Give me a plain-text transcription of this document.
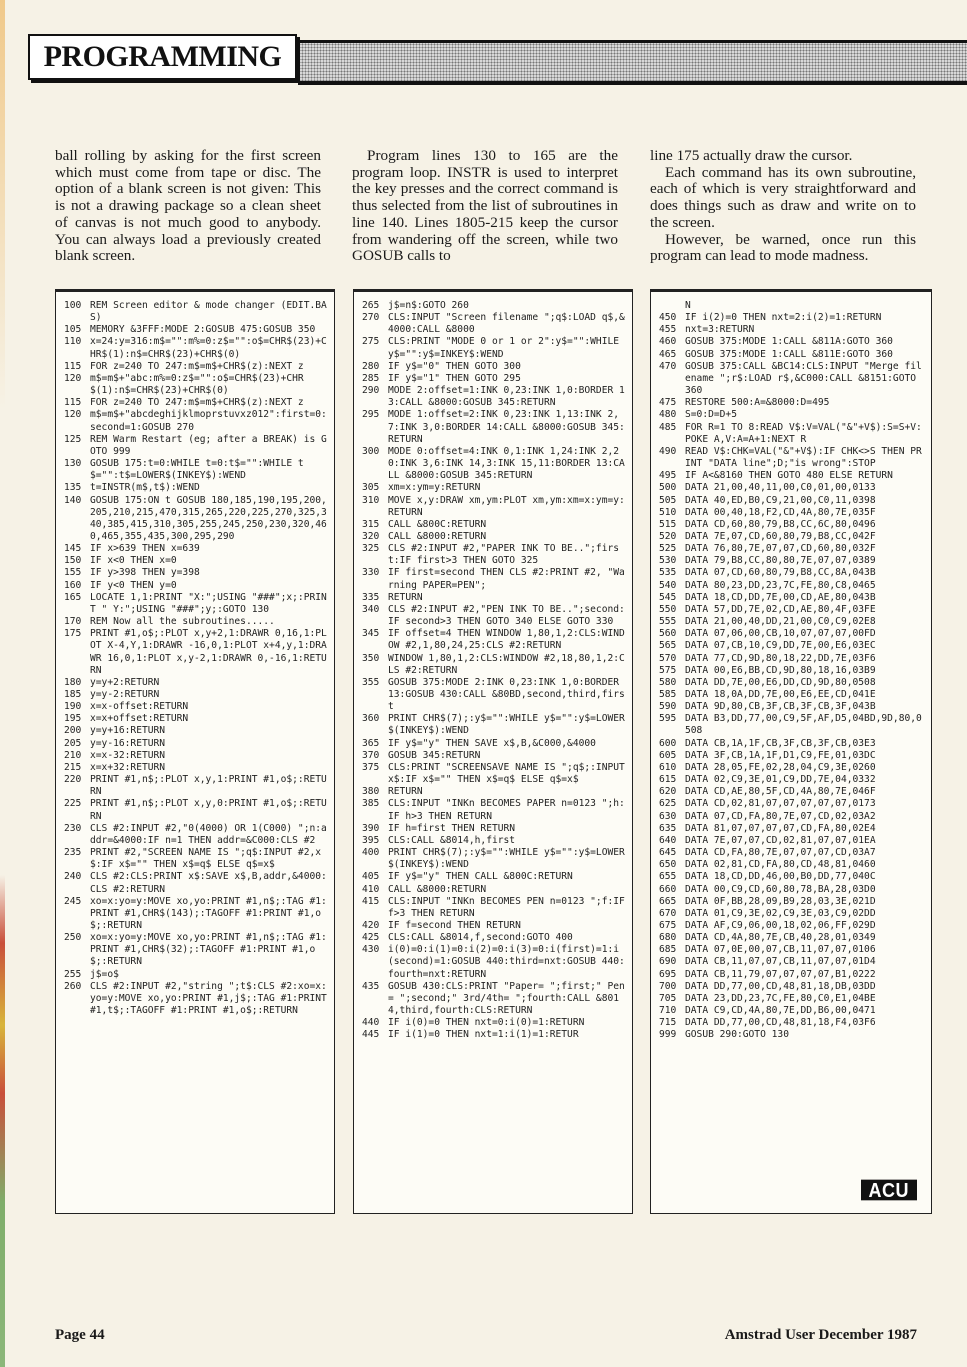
PROGRAMMING

ball rolling by asking for the first screen which must come from tape or disc. The option of a blank screen is not given: This is not a drawing package so a clean sheet of canvas is not much good to anybody. You can always load a previously created blank screen.

Program lines 130 to 165 are the program loop. INSTR is used to interpret the key presses and the correct command is thus selected from the list of subroutines in line 140. Lines 1805-215 keep the cursor from wandering off the screen, while two GOSUB calls to

line 175 actually draw the cursor.

Each command has its own subroutine, each of which is very straightforward and does things such as draw and write on to the screen.

However, be warned, once run this program can lead to mode madness.

100 REM Screen editor & mode changer (EDIT.BAS)
105 MEMORY &3FFF:MODE 2:GOSUB 475:GOSUB 350
110 x=24:y=316:m$="":m%=0:z$="":o$=CHR$(23)+CHR$(1):n$=CHR$(23)+CHR$(0)
115 FOR z=240 TO 247:m$=m$+CHR$(z):NEXT z
120 m$=m$+"abc:m%=0:z$="":o$=CHR$(23)+CHR$(1):n$=CHR$(23)+CHR$(0)
115 FOR z=240 TO 247:m$=m$+CHR$(z):NEXT z
120 m$=m$+"abcdeghijklmoprstuvxz012":first=0:second=1:GOSUB 270
125 REM Warm Restart (eg; after a BREAK) is GOTO 999
130 GOSUB 175:t=0:WHILE t=0:t$="":WHILE t$="":t$=LOWER$(INKEY$):WEND
135 t=INSTR(m$,t$):WEND
140 GOSUB 175:ON t GOSUB 180,185,190,195,200,205,210,215,470,315,265,220,225,270,325,340,385,415,310,305,255,245,250,230,320,460,465,355,435,300,295,290
145 IF x>639 THEN x=639
150 IF x<0 THEN x=0
155 IF y>398 THEN y=398
160 IF y<0 THEN y=0
165 LOCATE 1,1:PRINT "X:";USING "###";x;:PRINT " Y:";USING "###";y;:GOTO 130
170 REM Now all the subroutines.....
175 PRINT #1,o$;:PLOT x,y+2,1:DRAWR 0,16,1:PLOT X-4,Y,1:DRAWR -16,0,1:PLOT x+4,y,1:DRAWR 16,0,1:PLOT x,y-2,1:DRAWR 0,-16,1:RETURN
180 y=y+2:RETURN
185 y=y-2:RETURN
190 x=x-offset:RETURN
195 x=x+offset:RETURN
200 y=y+16:RETURN
205 y=y-16:RETURN
210 x=x-32:RETURN
215 x=x+32:RETURN
220 PRINT #1,n$;:PLOT x,y,1:PRINT #1,o$;:RETURN
225 PRINT #1,n$;:PLOT x,y,0:PRINT #1,o$;:RETURN
230 CLS #2:INPUT #2,"0(4000) OR 1(C000) ";n:addr=&4000:IF n=1 THEN addr=&C000:CLS #2
235 PRINT #2,"SCREEN NAME IS ";q$:INPUT #2,x$:IF x$="" THEN x$=q$ ELSE q$=x$
240 CLS #2:CLS:PRINT x$:SAVE x$,B,addr,&4000:CLS #2:RETURN
245 xo=x:yo=y:MOVE xo,yo:PRINT #1,n$;:TAG #1:PRINT #1,CHR$(143);:TAGOFF #1:PRINT #1,o$;:RETURN
250 xo=x:yo=y:MOVE xo,yo:PRINT #1,n$;:TAG #1:PRINT #1,CHR$(32);:TAGOFF #1:PRINT #1,o$;:RETURN
255 j$=o$
260 CLS #2:INPUT #2,"string ";t$:CLS #2:xo=x:yo=y:MOVE xo,yo:PRINT #1,j$;:TAG #1:PRINT #1,t$;:TAGOFF #1:PRINT #1,o$;:RETURN
265 j$=n$:GOTO 260
270 CLS:INPUT "Screen filename ";q$:LOAD q$,&4000:CALL &8000
275 CLS:PRINT "MODE 0 or 1 or 2":y$="":WHILE y$="":y$=INKEY$:WEND
280 IF y$="0" THEN GOTO 300
285 IF y$="1" THEN GOTO 295
290 MODE 2:offset=1:INK 0,23:INK 1,0:BORDER 13:CALL &8000:GOSUB 345:RETURN
295 MODE 1:offset=2:INK 0,23:INK 1,13:INK 2,7:INK 3,0:BORDER 14:CALL &8000:GOSUB 345:RETURN
300 MODE 0:offset=4:INK 0,1:INK 1,24:INK 2,20:INK 3,6:INK 14,3:INK 15,11:BORDER 13:CALL &8000:GOSUB 345:RETURN
305 xm=x:ym=y:RETURN
310 MOVE x,y:DRAW xm,ym:PLOT xm,ym:xm=x:ym=y:RETURN
315 CALL &800C:RETURN
320 CALL &8000:RETURN
325 CLS #2:INPUT #2,"PAPER INK TO BE..";first:IF first>3 THEN GOTO 325
330 IF first=second THEN CLS #2:PRINT #2, "Warning PAPER=PEN";
335 RETURN
340 CLS #2:INPUT #2,"PEN INK TO BE..";second:IF second>3 THEN GOTO 340 ELSE GOTO 330
345 IF offset=4 THEN WINDOW 1,80,1,2:CLS:WINDOW #2,1,80,24,25:CLS #2:RETURN
350 WINDOW 1,80,1,2:CLS:WINDOW #2,18,80,1,2:CLS #2:RETURN
355 GOSUB 375:MODE 2:INK 0,23:INK 1,0:BORDER 13:GOSUB 430:CALL &80BD,second,third,first
360 PRINT CHR$(7);:y$="":WHILE y$="":y$=LOWER$(INKEY$):WEND
365 IF y$="y" THEN SAVE x$,B,&C000,&4000
370 GOSUB 345:RETURN
375 CLS:PRINT "SCREENSAVE NAME IS ";q$;:INPUT x$:IF x$="" THEN x$=q$ ELSE q$=x$
380 RETURN
385 CLS:INPUT "INKn BECOMES PAPER n=0123 ";h:IF h>3 THEN RETURN
390 IF h=first THEN RETURN
395 CLS:CALL &8014,h,first
400 PRINT CHR$(7);:y$="":WHILE y$="":y$=LOWER$(INKEY$):WEND
405 IF y$="y" THEN CALL &800C:RETURN
410 CALL &8000:RETURN
415 CLS:INPUT "INKn BECOMES PEN n=0123 ";f:IF f>3 THEN RETURN
420 IF f=second THEN RETURN
425 CLS:CALL &8014,f,second:GOTO 400
430 i(0)=0:i(1)=0:i(2)=0:i(3)=0:i(first)=1:i(second)=1:GOSUB 440:third=nxt:GOSUB 440:fourth=nxt:RETURN
435 GOSUB 430:CLS:PRINT "Paper= ";first;" Pen= ";second;" 3rd/4th= ";fourth:CALL &8014,third,fourth:CLS:RETURN
440 IF i(0)=0 THEN nxt=0:i(0)=1:RETURN
445 IF i(1)=0 THEN nxt=1:i(1)=1:RETUR
N
450 IF i(2)=0 THEN nxt=2:i(2)=1:RETURN
455 nxt=3:RETURN
460 GOSUB 375:MODE 1:CALL &811A:GOTO 360
465 GOSUB 375:MODE 1:CALL &811E:GOTO 360
470 GOSUB 375:CALL &BC14:CLS:INPUT "Merge filename ";r$:LOAD r$,&C000:CALL &8151:GOTO 360
475 RESTORE 500:A=&8000:D=495
480 S=0:D=D+5
485 FOR R=1 TO 8:READ V$:V=VAL("&"+V$):S=S+V:POKE A,V:A=A+1:NEXT R
490 READ V$:CHK=VAL("&"+V$):IF CHK<>S THEN PRINT "DATA line";D;"is wrong":STOP
495 IF A<&8160 THEN GOTO 480 ELSE RETURN
500 DATA 21,00,40,11,00,C0,01,00,0133
505 DATA 40,ED,B0,C9,21,00,C0,11,0398
510 DATA 00,40,18,F2,CD,4A,80,7E,035F
515 DATA CD,60,80,79,B8,CC,6C,80,0496
520 DATA 7E,07,CD,60,80,79,B8,CC,042F
525 DATA 76,80,7E,07,07,CD,60,80,032F
530 DATA 79,B8,CC,80,80,7E,07,07,0389
535 DATA 07,CD,60,80,79,B8,CC,8A,043B
540 DATA 80,23,DD,23,7C,FE,80,C8,0465
545 DATA 18,CD,DD,7E,00,CD,AE,80,043B
550 DATA 57,DD,7E,02,CD,AE,80,4F,03FE
555 DATA 21,00,40,DD,21,00,C0,C9,02E8
560 DATA 07,06,00,CB,10,07,07,07,00FD
565 DATA 07,CB,10,C9,DD,7E,00,E6,03EC
570 DATA 77,CD,9D,80,18,22,DD,7E,03F6
575 DATA 00,E6,BB,CD,9D,80,18,16,03B9
580 DATA DD,7E,00,E6,DD,CD,9D,80,0508
585 DATA 18,0A,DD,7E,00,E6,EE,CD,041E
590 DATA 9D,80,CB,3F,CB,3F,CB,3F,043B
595 DATA B3,DD,77,00,C9,5F,AF,D5,04BD,9D,80,0508
600 DATA CB,1A,1F,CB,3F,CB,3F,CB,03E3
605 DATA 3F,CB,1A,1F,D1,C9,FE,01,03DC
610 DATA 28,05,FE,02,28,04,C9,3E,0260
615 DATA 02,C9,3E,01,C9,DD,7E,04,0332
620 DATA CD,AE,80,5F,CD,4A,80,7E,046F
625 DATA CD,02,81,07,07,07,07,07,0173
630 DATA 07,CD,FA,80,7E,07,CD,02,03A2
635 DATA 81,07,07,07,07,CD,FA,80,02E4
640 DATA 7E,07,07,CD,02,81,07,07,01EA
645 DATA CD,FA,80,7E,07,07,07,CD,03A7
650 DATA 02,81,CD,FA,80,CD,48,81,0460
655 DATA 18,CD,DD,46,00,B0,DD,77,040C
660 DATA 00,C9,CD,60,80,78,BA,28,03D0
665 DATA 0F,BB,28,09,B9,28,03,3E,021D
670 DATA 01,C9,3E,02,C9,3E,03,C9,02DD
675 DATA AF,C9,06,00,18,02,06,FF,029D
680 DATA CD,4A,80,7E,CB,40,28,01,0349
685 DATA 07,0E,00,07,CB,11,07,07,0106
690 DATA CB,11,07,07,CB,11,07,07,01D4
695 DATA CB,11,79,07,07,07,07,B1,0222
700 DATA DD,77,00,CD,48,81,18,DB,03DD
705 DATA 23,DD,23,7C,FE,80,C0,E1,04BE
710 DATA C9,CD,4A,80,7E,DD,B6,00,0471
715 DATA DD,77,00,CD,48,81,18,F4,03F6
999 GOSUB 290:GOTO 130
ACU
Page 44	Amstrad User December 1987
